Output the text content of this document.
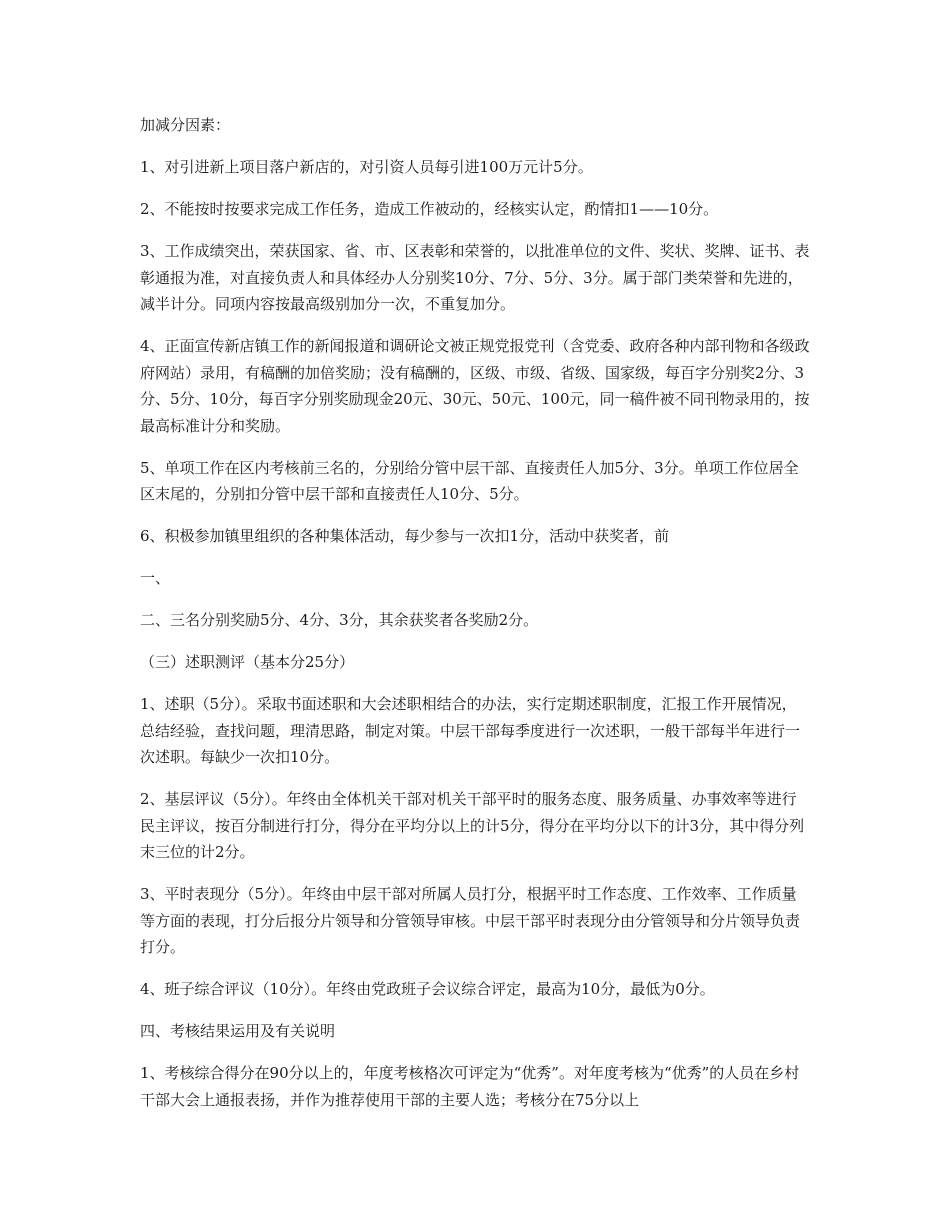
加减分因素：

1、对引进新上项目落户新店的，对引资人员每引进100万元计5分。

2、不能按时按要求完成工作任务，造成工作被动的，经核实认定，酌情扣1——10分。

3、工作成绩突出，荣获国家、省、市、区表彰和荣誉的，以批准单位的文件、奖状、奖牌、证书、表彰通报为准，对直接负责人和具体经办人分别奖10分、7分、5分、3分。属于部门类荣誉和先进的，减半计分。同项内容按最高级别加分一次，不重复加分。

4、正面宣传新店镇工作的新闻报道和调研论文被正规党报党刊（含党委、政府各种内部刊物和各级政府网站）录用，有稿酬的加倍奖励；没有稿酬的，区级、市级、省级、国家级，每百字分别奖2分、3分、5分、10分，每百字分别奖励现金20元、30元、50元、100元，同一稿件被不同刊物录用的，按最高标准计分和奖励。

5、单项工作在区内考核前三名的，分别给分管中层干部、直接责任人加5分、3分。单项工作位居全区末尾的，分别扣分管中层干部和直接责任人10分、5分。

6、积极参加镇里组织的各种集体活动，每少参与一次扣1分，活动中获奖者，前

一、

二、三名分别奖励5分、4分、3分，其余获奖者各奖励2分。

（三）述职测评（基本分25分）

1、述职（5分）。采取书面述职和大会述职相结合的办法，实行定期述职制度，汇报工作开展情况，总结经验，查找问题，理清思路，制定对策。中层干部每季度进行一次述职，一般干部每半年进行一次述职。每缺少一次扣10分。

2、基层评议（5分）。年终由全体机关干部对机关干部平时的服务态度、服务质量、办事效率等进行民主评议，按百分制进行打分，得分在平均分以上的计5分，得分在平均分以下的计3分，其中得分列末三位的计2分。

3、平时表现分（5分）。年终由中层干部对所属人员打分，根据平时工作态度、工作效率、工作质量等方面的表现，打分后报分片领导和分管领导审核。中层干部平时表现分由分管领导和分片领导负责打分。

4、班子综合评议（10分）。年终由党政班子会议综合评定，最高为10分，最低为0分。

四、考核结果运用及有关说明

1、考核综合得分在90分以上的，年度考核格次可评定为“优秀”。对年度考核为“优秀”的人员在乡村干部大会上通报表扬，并作为推荐使用干部的主要人选；考核分在75分以上
